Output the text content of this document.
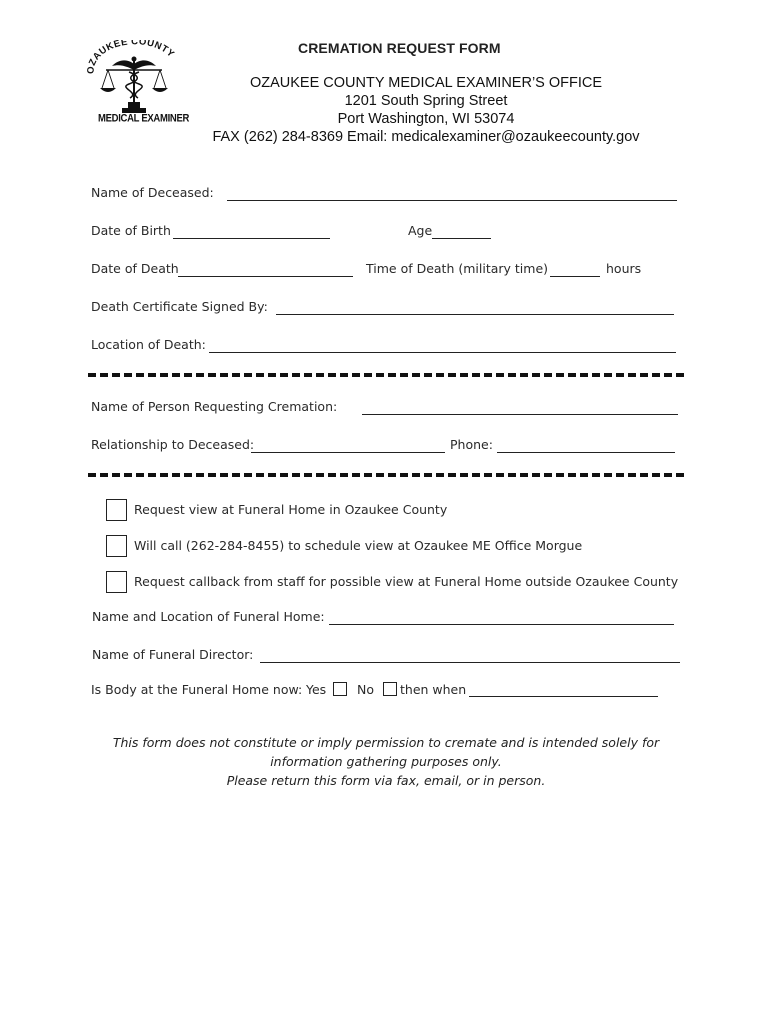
OZAUKEE COUNTY
MEDICAL EXAMINER
CREMATION REQUEST FORM
OZAUKEE COUNTY MEDICAL EXAMINER’S OFFICE
1201 South Spring Street
Port Washington, WI 53074
FAX (262) 284-8369 Email: medicalexaminer@ozaukeecounty.gov
Name of Deceased:
Date of Birth	Age
Date of Death	Time of Death (military time)	hours
Death Certificate Signed By:
Location of Death:
Name of Person Requesting Cremation:
Relationship to Deceased:	Phone:
Request view at Funeral Home in Ozaukee County
Will call (262-284-8455) to schedule view at Ozaukee ME Office Morgue
Request callback from staff for possible view at Funeral Home outside Ozaukee County
Name and Location of Funeral Home:
Name of Funeral Director:
Is Body at the Funeral Home now: Yes No then when
This form does not constitute or imply permission to cremate and is intended solely for
information gathering purposes only.
Please return this form via fax, email, or in person.
